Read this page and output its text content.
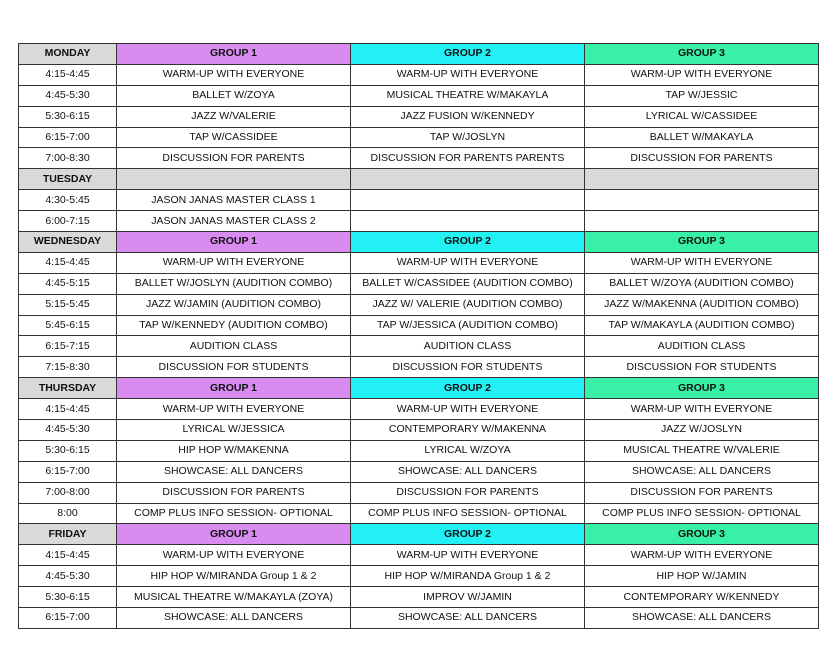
MONDAY	GROUP 1	GROUP 2	GROUP 3
4:15-4:45	WARM-UP WITH EVERYONE	WARM-UP WITH EVERYONE	WARM-UP WITH EVERYONE
4:45-5:30	BALLET W/ZOYA	MUSICAL THEATRE W/MAKAYLA	TAP W/JESSIC
5:30-6:15	JAZZ W/VALERIE	JAZZ FUSION W/KENNEDY	LYRICAL W/CASSIDEE
6:15-7:00	TAP W/CASSIDEE	TAP W/JOSLYN	BALLET W/MAKAYLA
7:00-8:30	DISCUSSION FOR PARENTS	DISCUSSION FOR PARENTS PARENTS	DISCUSSION FOR PARENTS
TUESDAY			
4:30-5:45	JASON JANAS MASTER CLASS 1		
6:00-7:15	JASON JANAS MASTER CLASS 2		
WEDNESDAY	GROUP 1	GROUP 2	GROUP 3
4:15-4:45	WARM-UP WITH EVERYONE	WARM-UP WITH EVERYONE	WARM-UP WITH EVERYONE
4:45-5:15	BALLET W/JOSLYN (AUDITION COMBO)	BALLET W/CASSIDEE (AUDITION COMBO)	BALLET W/ZOYA (AUDITION COMBO)
5:15-5:45	JAZZ W/JAMIN (AUDITION COMBO)	JAZZ W/ VALERIE (AUDITION COMBO)	JAZZ W/MAKENNA (AUDITION COMBO)
5:45-6:15	TAP W/KENNEDY (AUDITION COMBO)	TAP W/JESSICA (AUDITION COMBO)	TAP W/MAKAYLA (AUDITION COMBO)
6:15-7:15	AUDITION CLASS	AUDITION CLASS	AUDITION CLASS
7:15-8:30	DISCUSSION FOR STUDENTS	DISCUSSION FOR STUDENTS	DISCUSSION FOR STUDENTS
THURSDAY	GROUP 1	GROUP 2	GROUP 3
4:15-4:45	WARM-UP WITH EVERYONE	WARM-UP WITH EVERYONE	WARM-UP WITH EVERYONE
4:45-5:30	LYRICAL W/JESSICA	CONTEMPORARY W/MAKENNA	JAZZ W/JOSLYN
5:30-6:15	HIP HOP W/MAKENNA	LYRICAL W/ZOYA	MUSICAL THEATRE W/VALERIE
6:15-7:00	SHOWCASE: ALL DANCERS	SHOWCASE: ALL DANCERS	SHOWCASE: ALL DANCERS
7:00-8:00	DISCUSSION FOR PARENTS	DISCUSSION FOR PARENTS	DISCUSSION FOR PARENTS
8:00	COMP PLUS INFO SESSION- OPTIONAL	COMP PLUS INFO SESSION- OPTIONAL	COMP PLUS INFO SESSION- OPTIONAL
FRIDAY	GROUP 1	GROUP 2	GROUP 3
4:15-4:45	WARM-UP WITH EVERYONE	WARM-UP WITH EVERYONE	WARM-UP WITH EVERYONE
4:45-5:30	HIP HOP W/MIRANDA Group 1 & 2	HIP HOP W/MIRANDA Group 1 & 2	HIP HOP W/JAMIN
5:30-6:15	MUSICAL THEATRE W/MAKAYLA (ZOYA)	IMPROV W/JAMIN	CONTEMPORARY W/KENNEDY
6:15-7:00	SHOWCASE: ALL DANCERS	SHOWCASE: ALL DANCERS	SHOWCASE: ALL DANCERS
